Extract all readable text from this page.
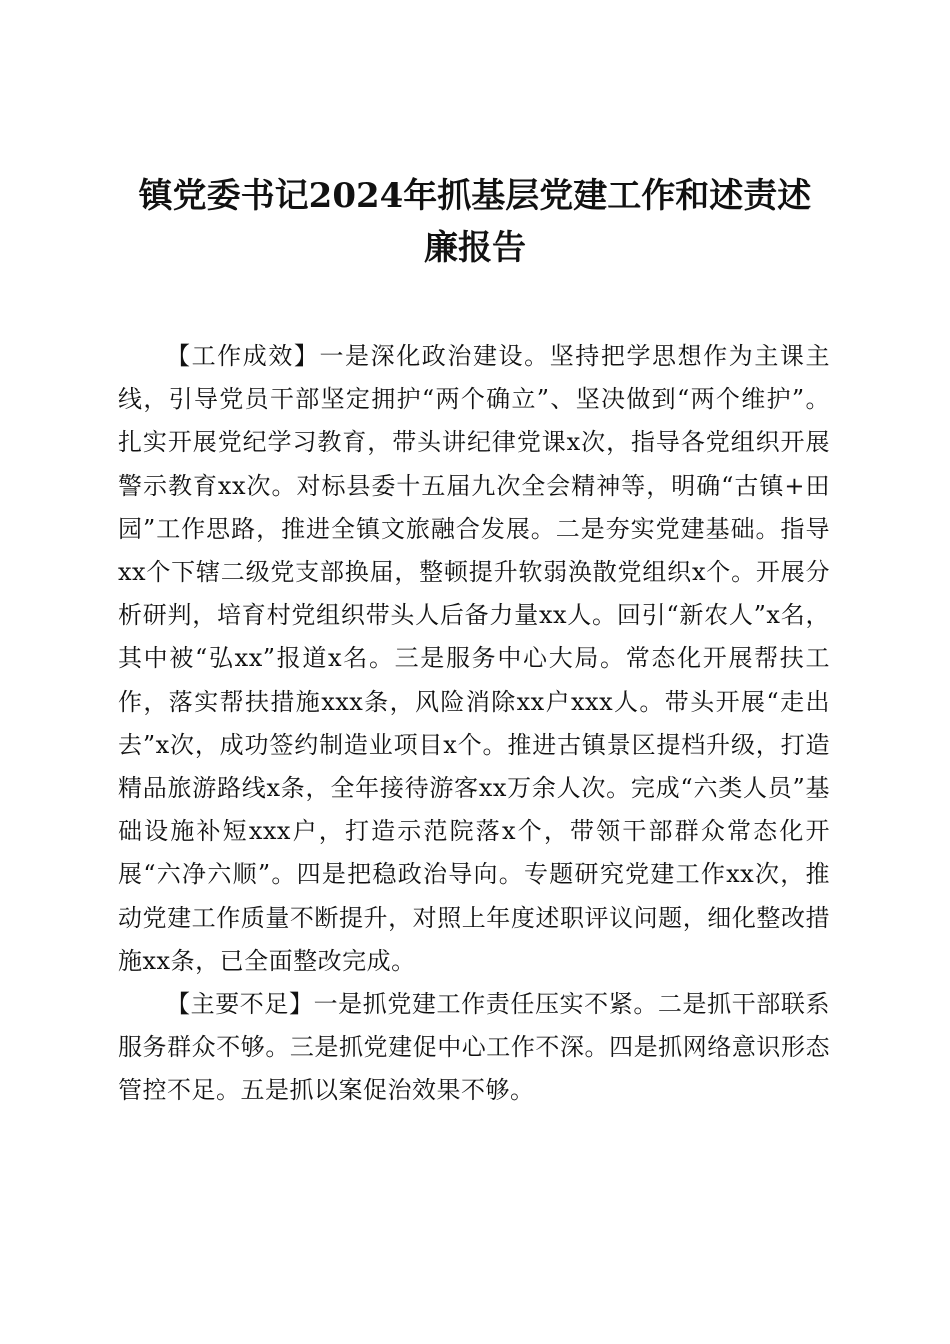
镇党委书记2024年抓基层党建工作和述责述
廉报告

【工作成效】一是深化政治建设。坚持把学思想作为主课主线，引导党员干部坚定拥护“两个确立”、坚决做到“两个维护”。扎实开展党纪学习教育，带头讲纪律党课x次，指导各党组织开展警示教育xx次。对标县委十五届九次全会精神等，明确“古镇+田园”工作思路，推进全镇文旅融合发展。二是夯实党建基础。指导xx个下辖二级党支部换届，整顿提升软弱涣散党组织x个。开展分析研判，培育村党组织带头人后备力量xx人。回引“新农人”x名，其中被“弘xx”报道x名。三是服务中心大局。常态化开展帮扶工作，落实帮扶措施xxx条，风险消除xx户xxx人。带头开展“走出去”x次，成功签约制造业项目x个。推进古镇景区提档升级，打造精品旅游路线x条，全年接待游客xx万余人次。完成“六类人员”基础设施补短xxx户，打造示范院落x个，带领干部群众常态化开展“六净六顺”。四是把稳政治导向。专题研究党建工作xx次，推动党建工作质量不断提升，对照上年度述职评议问题，细化整改措施xx条，已全面整改完成。

【主要不足】一是抓党建工作责任压实不紧。二是抓干部联系服务群众不够。三是抓党建促中心工作不深。四是抓网络意识形态管控不足。五是抓以案促治效果不够。
